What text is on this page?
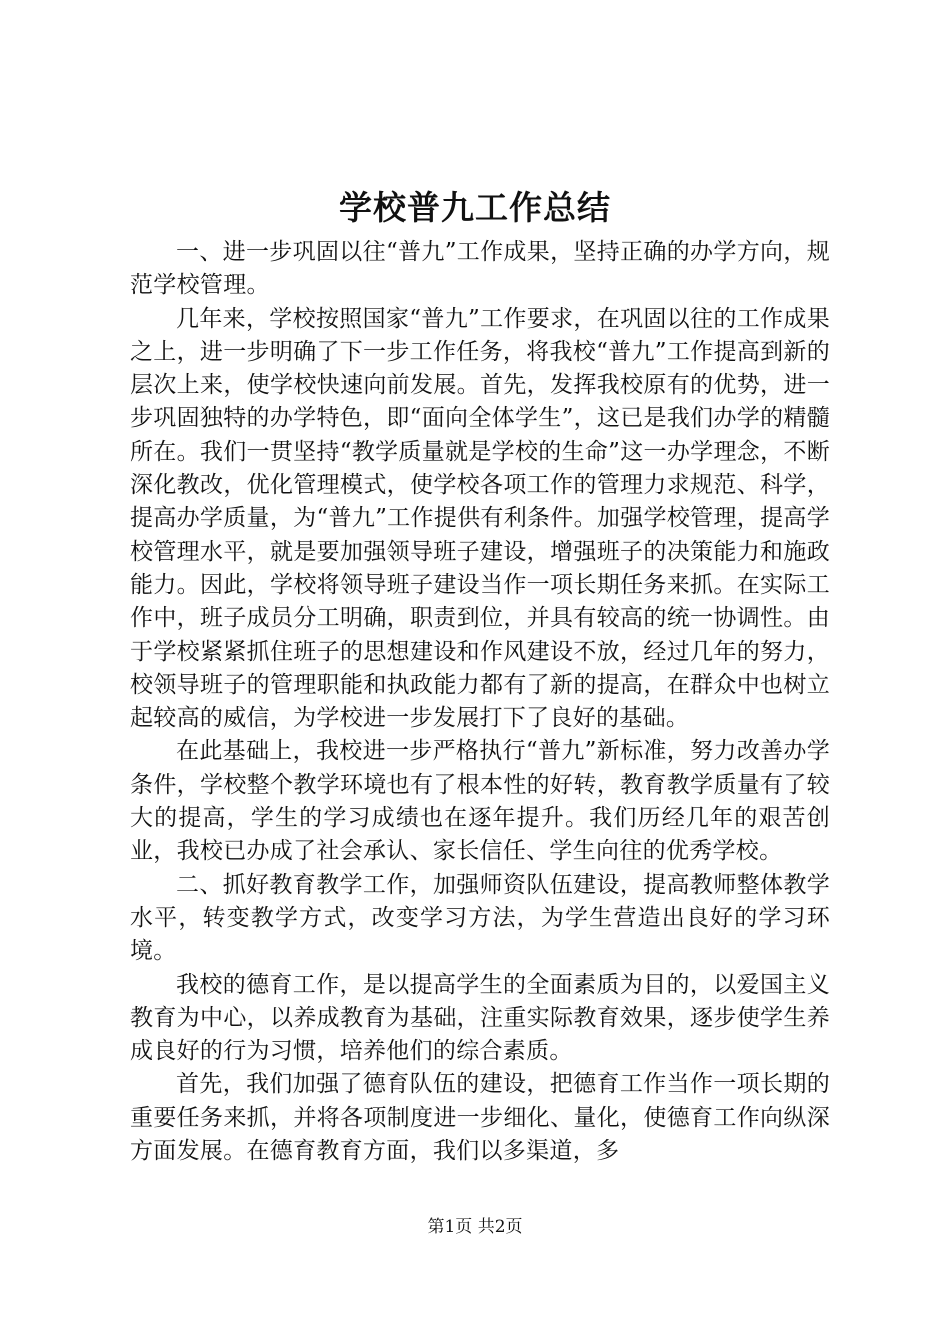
学校普九工作总结

一、进一步巩固以往“普九”工作成果，坚持正确的办学方向，规范学校管理。

几年来，学校按照国家“普九”工作要求，在巩固以往的工作成果之上，进一步明确了下一步工作任务，将我校“普九”工作提高到新的层次上来，使学校快速向前发展。首先，发挥我校原有的优势，进一步巩固独特的办学特色，即“面向全体学生”，这已是我们办学的精髓所在。我们一贯坚持“教学质量就是学校的生命”这一办学理念，不断深化教改，优化管理模式，使学校各项工作的管理力求规范、科学，提高办学质量，为“普九”工作提供有利条件。加强学校管理，提高学校管理水平，就是要加强领导班子建设，增强班子的决策能力和施政能力。因此，学校将领导班子建设当作一项长期任务来抓。在实际工作中，班子成员分工明确，职责到位，并具有较高的统一协调性。由于学校紧紧抓住班子的思想建设和作风建设不放，经过几年的努力，校领导班子的管理职能和执政能力都有了新的提高，在群众中也树立起较高的威信，为学校进一步发展打下了良好的基础。

在此基础上，我校进一步严格执行“普九”新标准，努力改善办学条件，学校整个教学环境也有了根本性的好转，教育教学质量有了较大的提高，学生的学习成绩也在逐年提升。我们历经几年的艰苦创业，我校已办成了社会承认、家长信任、学生向往的优秀学校。

二、抓好教育教学工作，加强师资队伍建设，提高教师整体教学水平，转变教学方式，改变学习方法，为学生营造出良好的学习环境。

我校的德育工作，是以提高学生的全面素质为目的，以爱国主义教育为中心，以养成教育为基础，注重实际教育效果，逐步使学生养成良好的行为习惯，培养他们的综合素质。

首先，我们加强了德育队伍的建设，把德育工作当作一项长期的重要任务来抓，并将各项制度进一步细化、量化，使德育工作向纵深方面发展。在德育教育方面，我们以多渠道，多

第1页 共2页
